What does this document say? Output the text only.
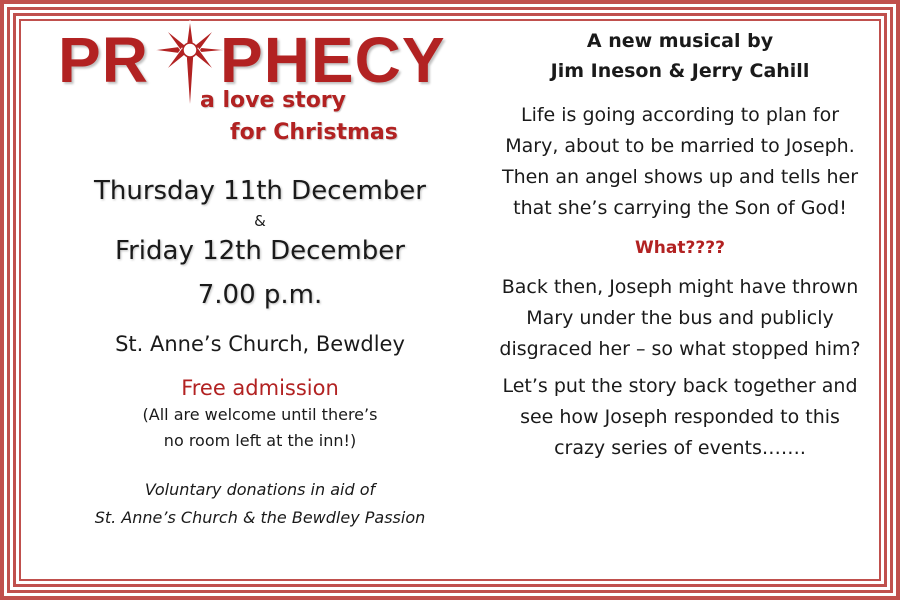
PR PHECY
a love story
for Christmas
Thursday 11th December
&
Friday 12th December
7.00 p.m.
St. Anne’s Church, Bewdley
Free admission
(All are welcome until there’s
no room left at the inn!)
Voluntary donations in aid of
St. Anne’s Church & the Bewdley Passion
A new musical by
Jim Ineson & Jerry Cahill
Life is going according to plan for Mary, about to be married to Joseph. Then an angel shows up and tells her that she’s carrying the Son of God!
What????
Back then, Joseph might have thrown Mary under the bus and publicly disgraced her – so what stopped him?
Let’s put the story back together and see how Joseph responded to this crazy series of events…….
